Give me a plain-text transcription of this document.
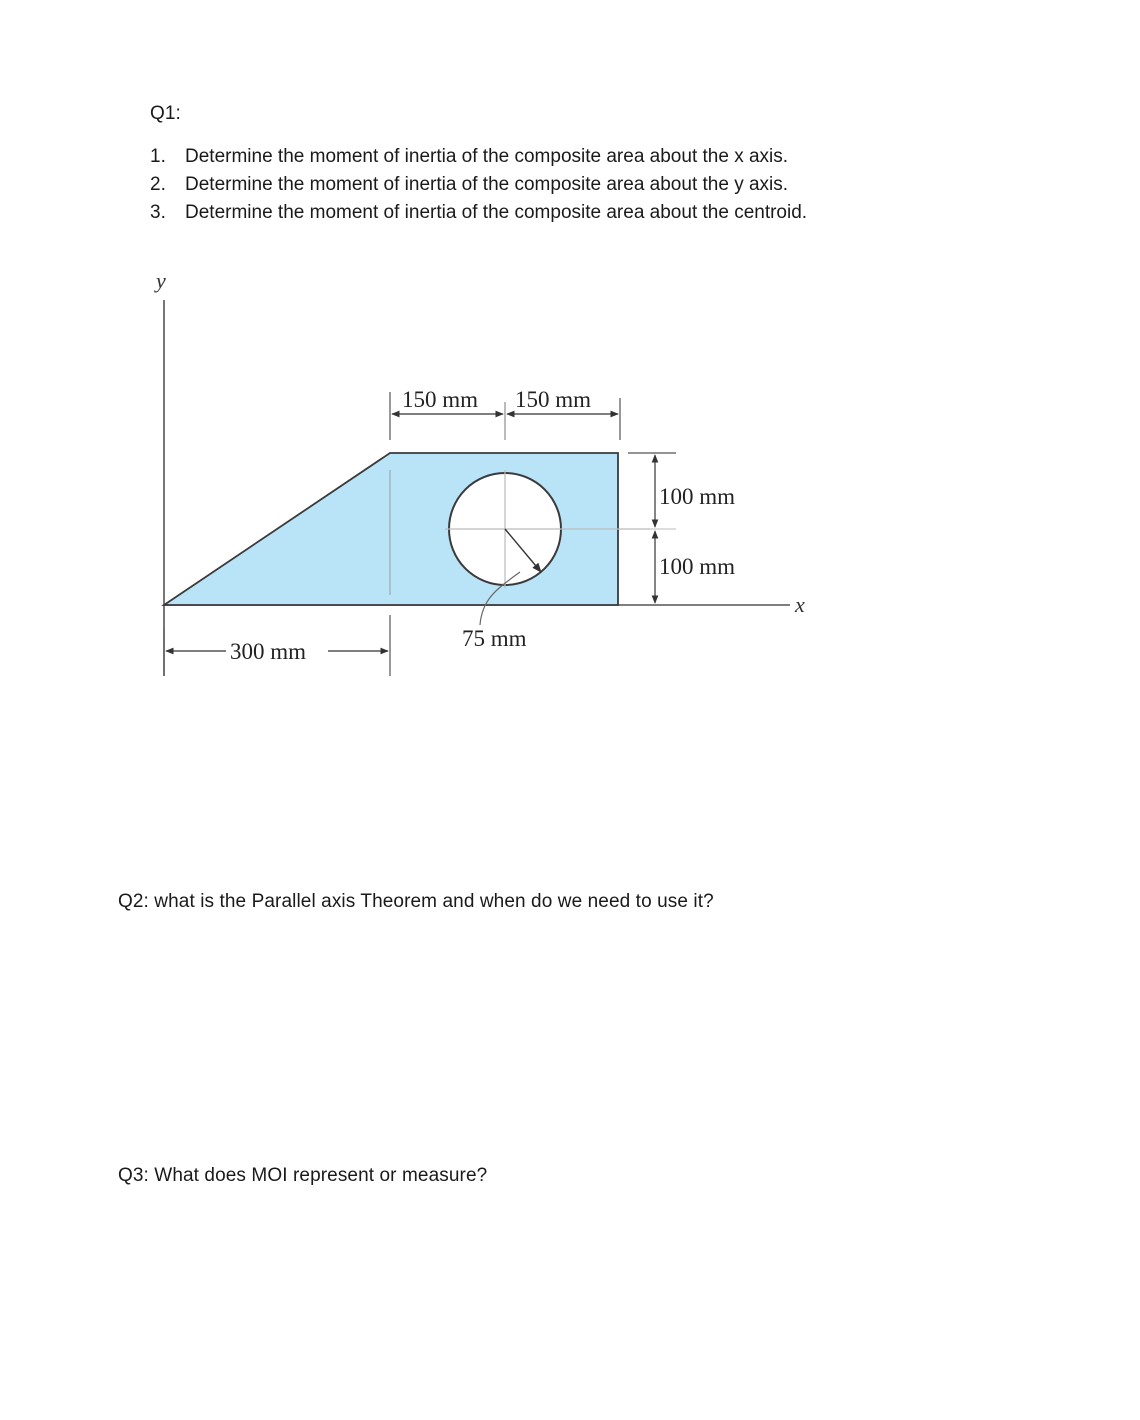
Q1:
1. Determine the moment of inertia of the composite area about the x axis.
2. Determine the moment of inertia of the composite area about the y axis.
3. Determine the moment of inertia of the composite area about the centroid.
y
x
150 mm 150 mm
100 mm
100 mm
300 mm
75 mm
Q2: what is the Parallel axis Theorem and when do we need to use it?
Q3: What does MOI represent or measure?
